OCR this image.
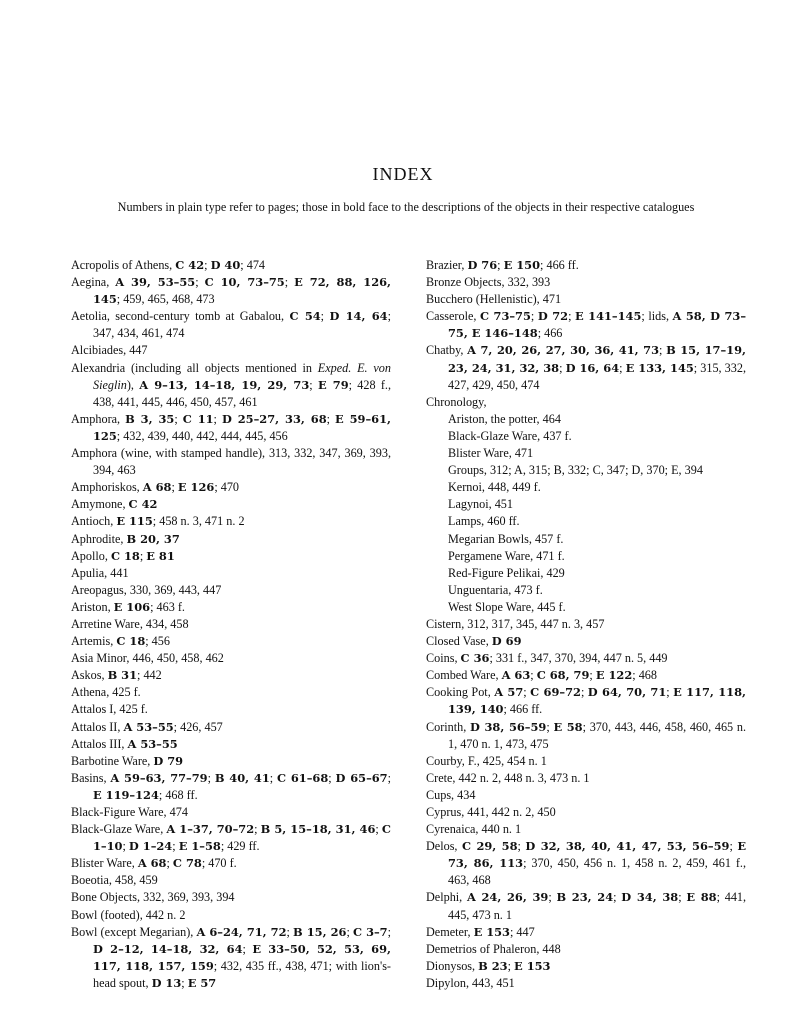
INDEX
Numbers in plain type refer to pages; those in bold face to the descriptions of the objects in their respective catalogues
Acropolis of Athens, C 42; D 40; 474
Aegina, A 39, 53–55; C 10, 73–75; E 72, 88, 126, 145; 459, 465, 468, 473
Aetolia, second-century tomb at Gabalou, C 54; D 14, 64; 347, 434, 461, 474
Alcibiades, 447
Alexandria (including all objects mentioned in Exped. E. von Sieglin), A 9–13, 14–18, 19, 29, 73; E 79; 428 f., 438, 441, 445, 446, 450, 457, 461
Amphora, B 3, 35; C 11; D 25–27, 33, 68; E 59–61, 125; 432, 439, 440, 442, 444, 445, 456
Amphora (wine, with stamped handle), 313, 332, 347, 369, 393, 394, 463
Amphoriskos, A 68; E 126; 470
Amymone, C 42
Antioch, E 115; 458 n. 3, 471 n. 2
Aphrodite, B 20, 37
Apollo, C 18; E 81
Apulia, 441
Areopagus, 330, 369, 443, 447
Ariston, E 106; 463 f.
Arretine Ware, 434, 458
Artemis, C 18; 456
Asia Minor, 446, 450, 458, 462
Askos, B 31; 442
Athena, 425 f.
Attalos I, 425 f.
Attalos II, A 53–55; 426, 457
Attalos III, A 53–55
Barbotine Ware, D 79
Basins, A 59–63, 77–79; B 40, 41; C 61–68; D 65–67; E 119–124; 468 ff.
Black-Figure Ware, 474
Black-Glaze Ware, A 1–37, 70–72; B 5, 15–18, 31, 46; C 1–10; D 1–24; E 1–58; 429 ff.
Blister Ware, A 68; C 78; 470 f.
Boeotia, 458, 459
Bone Objects, 332, 369, 393, 394
Bowl (footed), 442 n. 2
Bowl (except Megarian), A 6–24, 71, 72; B 15, 26; C 3–7; D 2–12, 14–18, 32, 64; E 33–50, 52, 53, 69, 117, 118, 157, 159; 432, 435 ff., 438, 471; with lion's-head spout, D 13; E 57
Brazier, D 76; E 150; 466 ff.
Bronze Objects, 332, 393
Bucchero (Hellenistic), 471
Casserole, C 73–75; D 72; E 141–145; lids, A 58, D 73–75, E 146–148; 466
Chatby, A 7, 20, 26, 27, 30, 36, 41, 73; B 15, 17–19, 23, 24, 31, 32, 38; D 16, 64; E 133, 145; 315, 332, 427, 429, 450, 474
Chronology,
Ariston, the potter, 464
Black-Glaze Ware, 437 f.
Blister Ware, 471
Groups, 312; A, 315; B, 332; C, 347; D, 370; E, 394
Kernoi, 448, 449 f.
Lagynoi, 451
Lamps, 460 ff.
Megarian Bowls, 457 f.
Pergamene Ware, 471 f.
Red-Figure Pelikai, 429
Unguentaria, 473 f.
West Slope Ware, 445 f.
Cistern, 312, 317, 345, 447 n. 3, 457
Closed Vase, D 69
Coins, C 36; 331 f., 347, 370, 394, 447 n. 5, 449
Combed Ware, A 63; C 68, 79; E 122; 468
Cooking Pot, A 57; C 69–72; D 64, 70, 71; E 117, 118, 139, 140; 466 ff.
Corinth, D 38, 56–59; E 58; 370, 443, 446, 458, 460, 465 n. 1, 470 n. 1, 473, 475
Courby, F., 425, 454 n. 1
Crete, 442 n. 2, 448 n. 3, 473 n. 1
Cups, 434
Cyprus, 441, 442 n. 2, 450
Cyrenaica, 440 n. 1
Delos, C 29, 58; D 32, 38, 40, 41, 47, 53, 56–59; E 73, 86, 113; 370, 450, 456 n. 1, 458 n. 2, 459, 461 f., 463, 468
Delphi, A 24, 26, 39; B 23, 24; D 34, 38; E 88; 441, 445, 473 n. 1
Demeter, E 153; 447
Demetrios of Phaleron, 448
Dionysos, B 23; E 153
Dipylon, 443, 451
